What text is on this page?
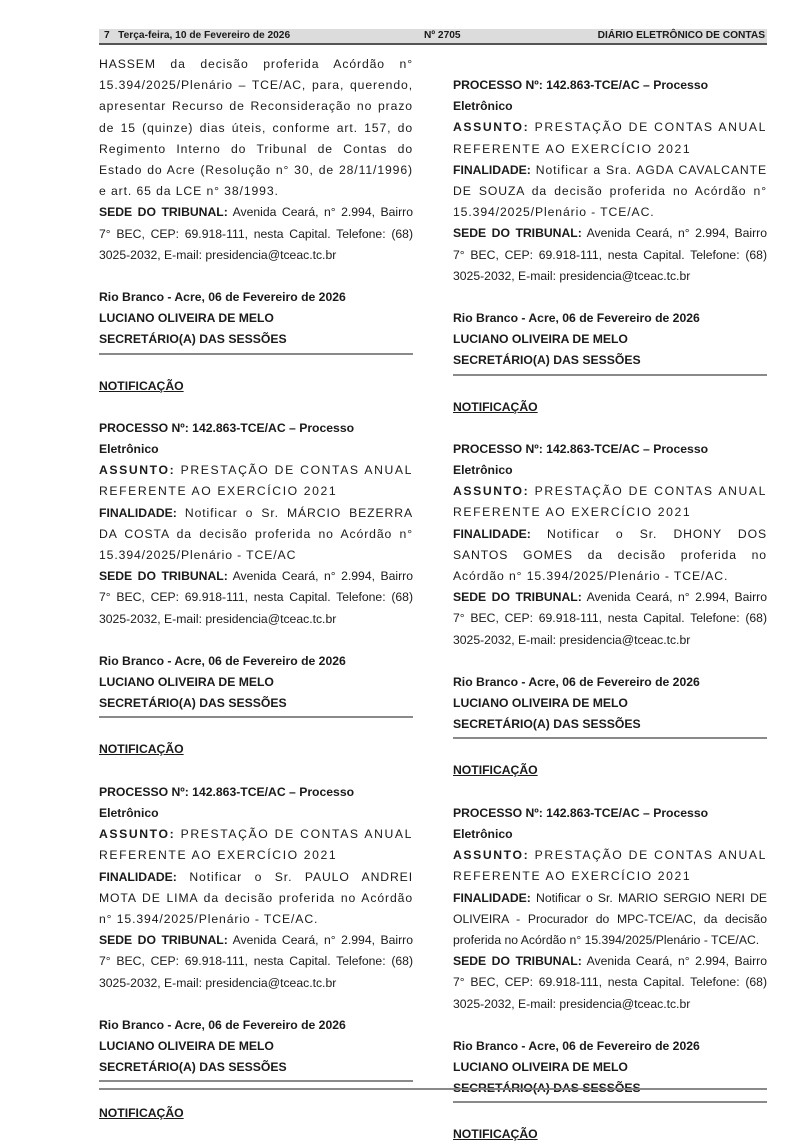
7 Terça-feira, 10 de Fevereiro de 2026	Nº 2705	DIÁRIO ELETRÔNICO DE CONTAS

HASSEM da decisão proferida Acórdão n° 15.394/2025/Plenário – TCE/AC, para, querendo, apresentar Recurso de Reconsideração no prazo de 15 (quinze) dias úteis, conforme art. 157, do Regimento Interno do Tribunal de Contas do Estado do Acre (Resolução n° 30, de 28/11/1996) e art. 65 da LCE n° 38/1993.

SEDE DO TRIBUNAL: Avenida Ceará, n° 2.994, Bairro 7° BEC, CEP: 69.918-111, nesta Capital. Telefone: (68) 3025-2032, E-mail: presidencia@tceac.tc.br

Rio Branco - Acre, 06 de Fevereiro de 2026

LUCIANO OLIVEIRA DE MELO

SECRETÁRIO(A) DAS SESSÕES

NOTIFICAÇÃO

PROCESSO Nº: 142.863-TCE/AC – Processo Eletrônico

ASSUNTO: PRESTAÇÃO DE CONTAS ANUAL REFERENTE AO EXERCÍCIO 2021

FINALIDADE: Notificar o Sr. MÁRCIO BEZERRA DA COSTA da decisão proferida no Acórdão n° 15.394/2025/Plenário - TCE/AC

SEDE DO TRIBUNAL: Avenida Ceará, n° 2.994, Bairro 7° BEC, CEP: 69.918-111, nesta Capital. Telefone: (68) 3025-2032, E-mail: presidencia@tceac.tc.br

Rio Branco - Acre, 06 de Fevereiro de 2026

LUCIANO OLIVEIRA DE MELO

SECRETÁRIO(A) DAS SESSÕES

NOTIFICAÇÃO

PROCESSO Nº: 142.863-TCE/AC – Processo Eletrônico

ASSUNTO: PRESTAÇÃO DE CONTAS ANUAL REFERENTE AO EXERCÍCIO 2021

FINALIDADE: Notificar o Sr. PAULO ANDREI MOTA DE LIMA da decisão proferida no Acórdão n° 15.394/2025/Plenário - TCE/AC.

SEDE DO TRIBUNAL: Avenida Ceará, n° 2.994, Bairro 7° BEC, CEP: 69.918-111, nesta Capital. Telefone: (68) 3025-2032, E-mail: presidencia@tceac.tc.br

Rio Branco - Acre, 06 de Fevereiro de 2026

LUCIANO OLIVEIRA DE MELO

SECRETÁRIO(A) DAS SESSÕES

NOTIFICAÇÃO

PROCESSO Nº: 142.863-TCE/AC – Processo Eletrônico

ASSUNTO: PRESTAÇÃO DE CONTAS ANUAL REFERENTE AO EXERCÍCIO 2021

FINALIDADE: Notificar a Sra. AGDA CAVALCANTE DE SOUZA da decisão proferida no Acórdão n° 15.394/2025/Plenário - TCE/AC.

SEDE DO TRIBUNAL: Avenida Ceará, n° 2.994, Bairro 7° BEC, CEP: 69.918-111, nesta Capital. Telefone: (68) 3025-2032, E-mail: presidencia@tceac.tc.br

Rio Branco - Acre, 06 de Fevereiro de 2026

LUCIANO OLIVEIRA DE MELO

SECRETÁRIO(A) DAS SESSÕES

NOTIFICAÇÃO

PROCESSO Nº: 142.863-TCE/AC – Processo Eletrônico

ASSUNTO: PRESTAÇÃO DE CONTAS ANUAL REFERENTE AO EXERCÍCIO 2021

FINALIDADE: Notificar o Sr. DHONY DOS SANTOS GOMES da decisão proferida no Acórdão n° 15.394/2025/Plenário - TCE/AC.

SEDE DO TRIBUNAL: Avenida Ceará, n° 2.994, Bairro 7° BEC, CEP: 69.918-111, nesta Capital. Telefone: (68) 3025-2032, E-mail: presidencia@tceac.tc.br

Rio Branco - Acre, 06 de Fevereiro de 2026

LUCIANO OLIVEIRA DE MELO

SECRETÁRIO(A) DAS SESSÕES

NOTIFICAÇÃO

PROCESSO Nº: 142.863-TCE/AC – Processo Eletrônico

ASSUNTO: PRESTAÇÃO DE CONTAS ANUAL REFERENTE AO EXERCÍCIO 2021

FINALIDADE: Notificar o Sr. MARIO SERGIO NERI DE OLIVEIRA - Procurador do MPC-TCE/AC, da decisão proferida no Acórdão n° 15.394/2025/Plenário - TCE/AC.

SEDE DO TRIBUNAL: Avenida Ceará, n° 2.994, Bairro 7° BEC, CEP: 69.918-111, nesta Capital. Telefone: (68) 3025-2032, E-mail: presidencia@tceac.tc.br

Rio Branco - Acre, 06 de Fevereiro de 2026

LUCIANO OLIVEIRA DE MELO

SECRETÁRIO(A) DAS SESSÕES

NOTIFICAÇÃO
